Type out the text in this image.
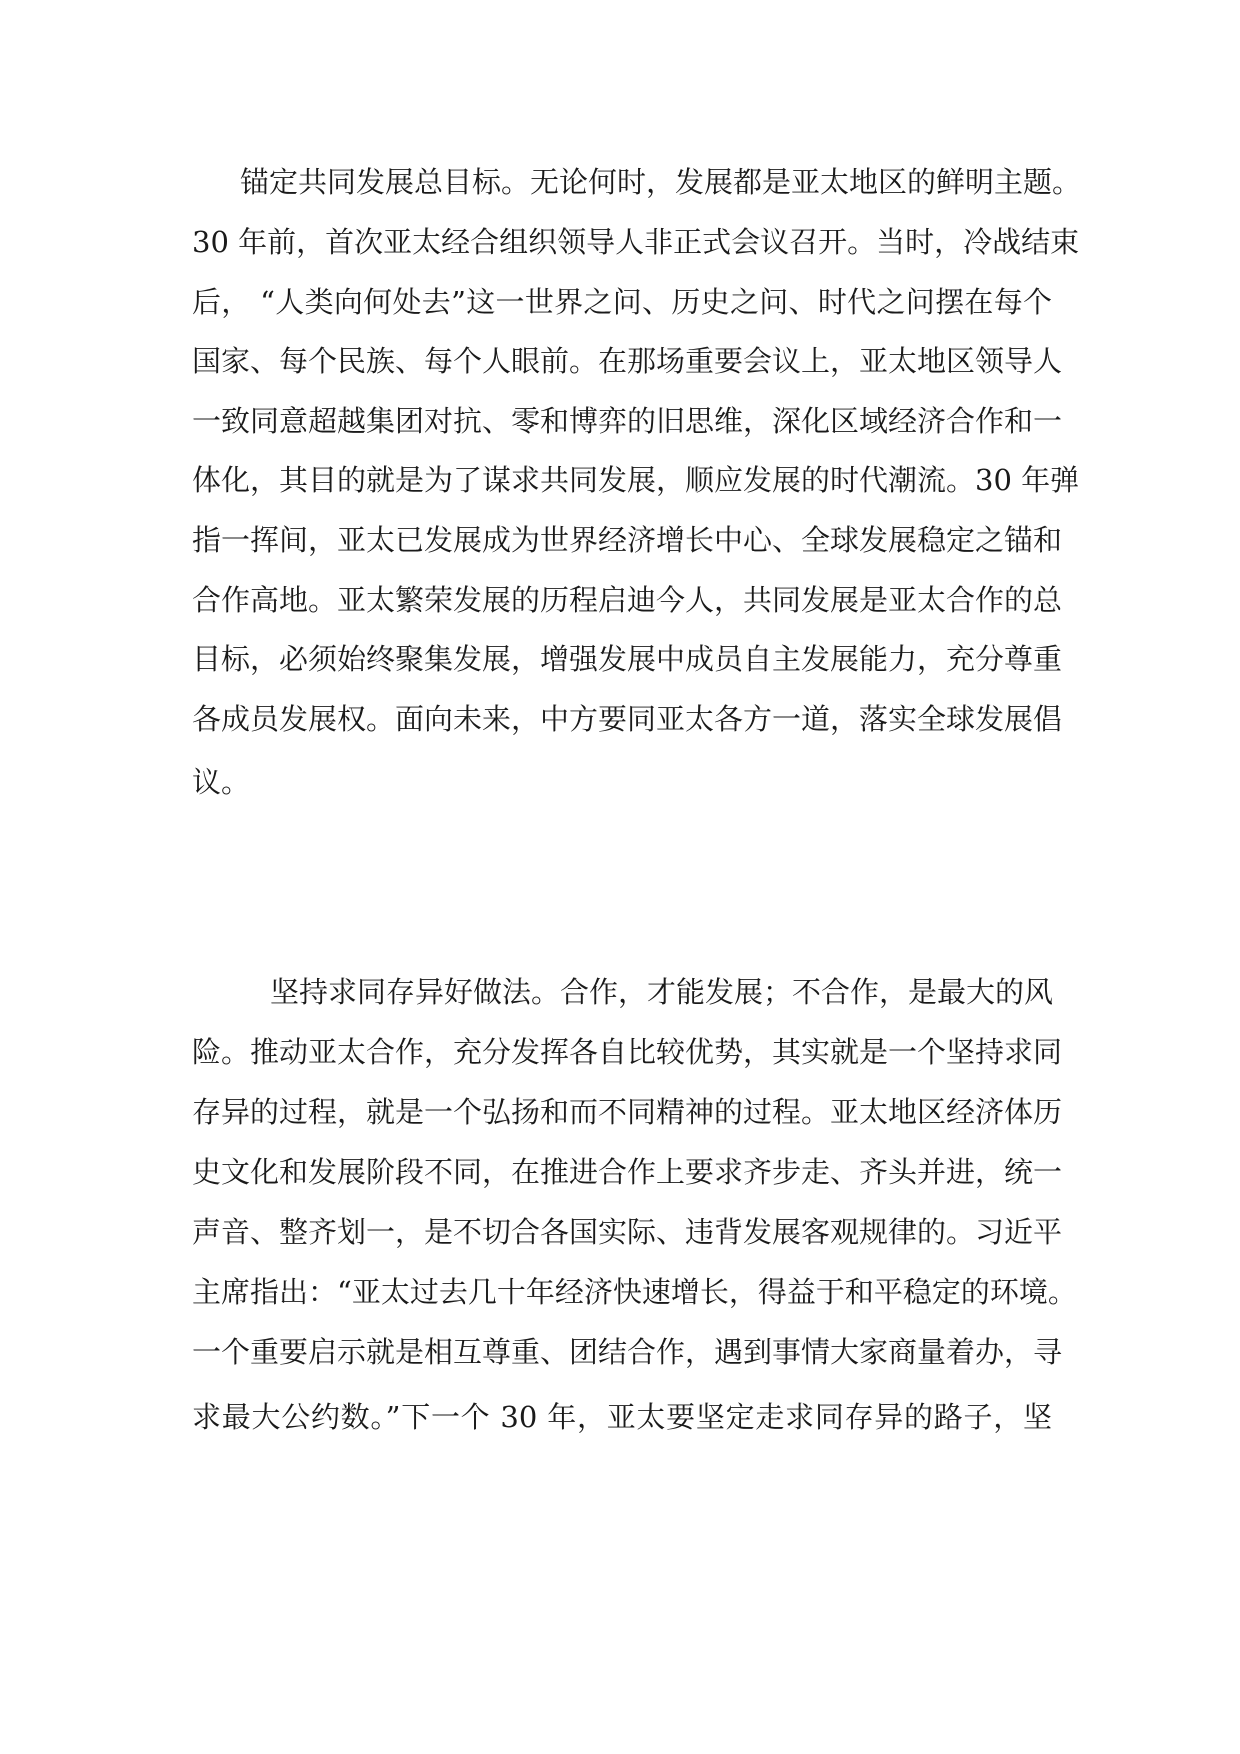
锚定共同发展总目标。无论何时，发展都是亚太地区的鲜明主题。
30 年前，首次亚太经合组织领导人非正式会议召开。当时，冷战结束
后， “人类向何处去”这一世界之问、历史之问、时代之问摆在每个
国家、每个民族、每个人眼前。在那场重要会议上，亚太地区领导人
一致同意超越集团对抗、零和博弈的旧思维，深化区域经济合作和一
体化，其目的就是为了谋求共同发展，顺应发展的时代潮流。30 年弹
指一挥间，亚太已发展成为世界经济增长中心、全球发展稳定之锚和
合作高地。亚太繁荣发展的历程启迪今人，共同发展是亚太合作的总
目标，必须始终聚集发展，增强发展中成员自主发展能力，充分尊重
各成员发展权。面向未来，中方要同亚太各方一道，落实全球发展倡
议。
坚持求同存异好做法。合作，才能发展；不合作，是最大的风
险。推动亚太合作，充分发挥各自比较优势，其实就是一个坚持求同
存异的过程，就是一个弘扬和而不同精神的过程。亚太地区经济体历
史文化和发展阶段不同，在推进合作上要求齐步走、齐头并进，统一
声音、整齐划一，是不切合各国实际、违背发展客观规律的。习近平
主席指出：“亚太过去几十年经济快速增长，得益于和平稳定的环境。
一个重要启示就是相互尊重、团结合作，遇到事情大家商量着办，寻
求最大公约数。”下一个 30 年，亚太要坚定走求同存异的路子，坚
